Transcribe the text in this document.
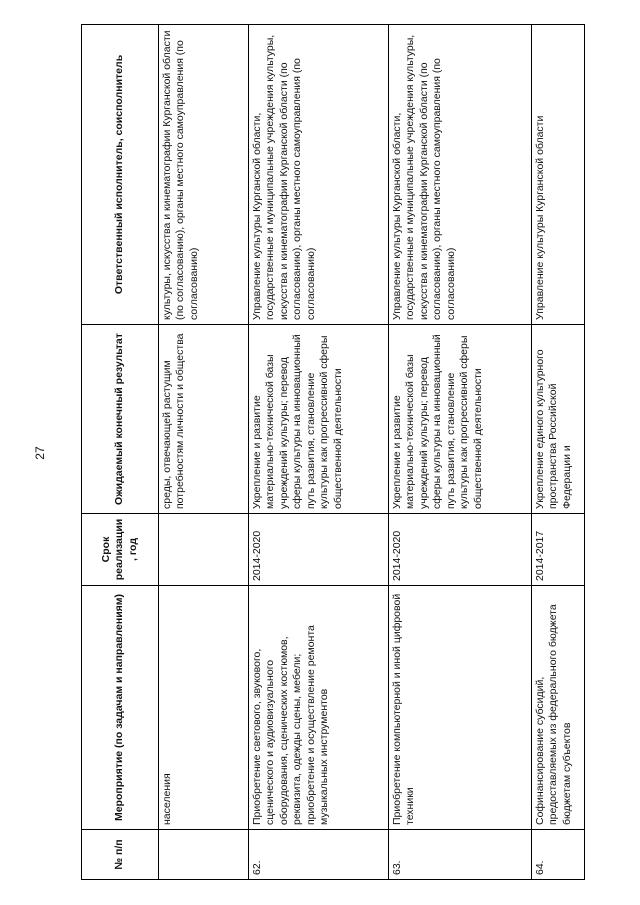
27
№ п/п	Мероприятие (по задачам и направлениям)	Срок реализации, год	Ожидаемый конечный результат	Ответственный исполнитель, соисполнитель
	населения		среды, отвечающей растущим потребностям личности и общества	культуры, искусства и кинематографии Курганской области (по согласованию), органы местного самоуправления (по согласованию)
62.	Приобретение светового, звукового, сценического и аудиовизуального оборудования, сценических костюмов, реквизита, одежды сцены, мебели; приобретение и осуществление ремонта музыкальных инструментов	2014-2020	Укрепление и развитие материально-технической базы учреждений культуры; перевод сферы культуры на инновационный путь развития, становление культуры как прогрессивной сферы общественной деятельности	Управление культуры Курганской области, государственные и муниципальные учреждения культуры, искусства и кинематографии Курганской области (по согласованию), органы местного самоуправления (по согласованию)
63.	Приобретение компьютерной и иной цифровой техники	2014-2020	Укрепление и развитие материально-технической базы учреждений культуры; перевод сферы культуры на инновационный путь развития, становление культуры как прогрессивной сферы общественной деятельности	Управление культуры Курганской области, государственные и муниципальные учреждения культуры, искусства и кинематографии Курганской области (по согласованию), органы местного самоуправления (по согласованию)
64.	Софинансирование субсидий, предоставляемых из федерального бюджета бюджетам субъектов	2014-2017	Укрепление единого культурного пространства Российской Федерации и	Управление культуры Курганской области
